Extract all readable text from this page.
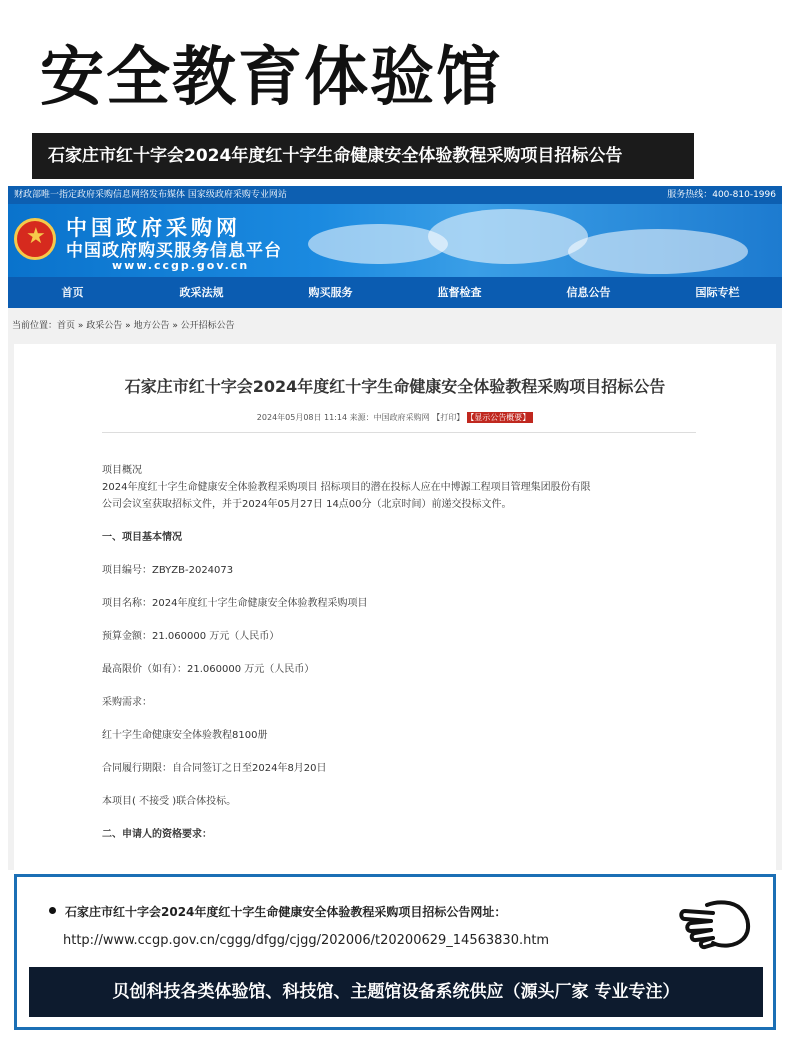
安全教育体验馆
石家庄市红十字会2024年度红十字生命健康安全体验教程采购项目招标公告
财政部唯一指定政府采购信息网络发布媒体 国家级政府采购专业网站	服务热线：400-810-1996
★
中国政府采购网
中国政府购买服务信息平台
www.ccgp.gov.cn
首页	政采法规	购买服务	监督检查	信息公告	国际专栏
当前位置：首页 » 政采公告 » 地方公告 » 公开招标公告
石家庄市红十字会2024年度红十字生命健康安全体验教程采购项目招标公告
2024年05月08日 11:14 来源：中国政府采购网 【打印】 【显示公告概要】

项目概况

2024年度红十字生命健康安全体验教程采购项目 招标项目的潜在投标人应在中博源工程项目管理集团股份有限

公司会议室获取招标文件，并于2024年05月27日 14点00分（北京时间）前递交投标文件。

一、项目基本情况

项目编号：ZBYZB-2024073

项目名称：2024年度红十字生命健康安全体验教程采购项目

预算金额：21.060000 万元（人民币）

最高限价（如有）：21.060000 万元（人民币）

采购需求：

红十字生命健康安全体验教程8100册

合同履行期限：自合同签订之日至2024年8月20日

本项目( 不接受 )联合体投标。

二、申请人的资格要求：

石家庄市红十字会2024年度红十字生命健康安全体验教程采购项目招标公告网址：
http://www.ccgp.gov.cn/cggg/dfgg/cjgg/202006/t20200629_14563830.htm
贝创科技各类体验馆、科技馆、主题馆设备系统供应（源头厂家 专业专注）
